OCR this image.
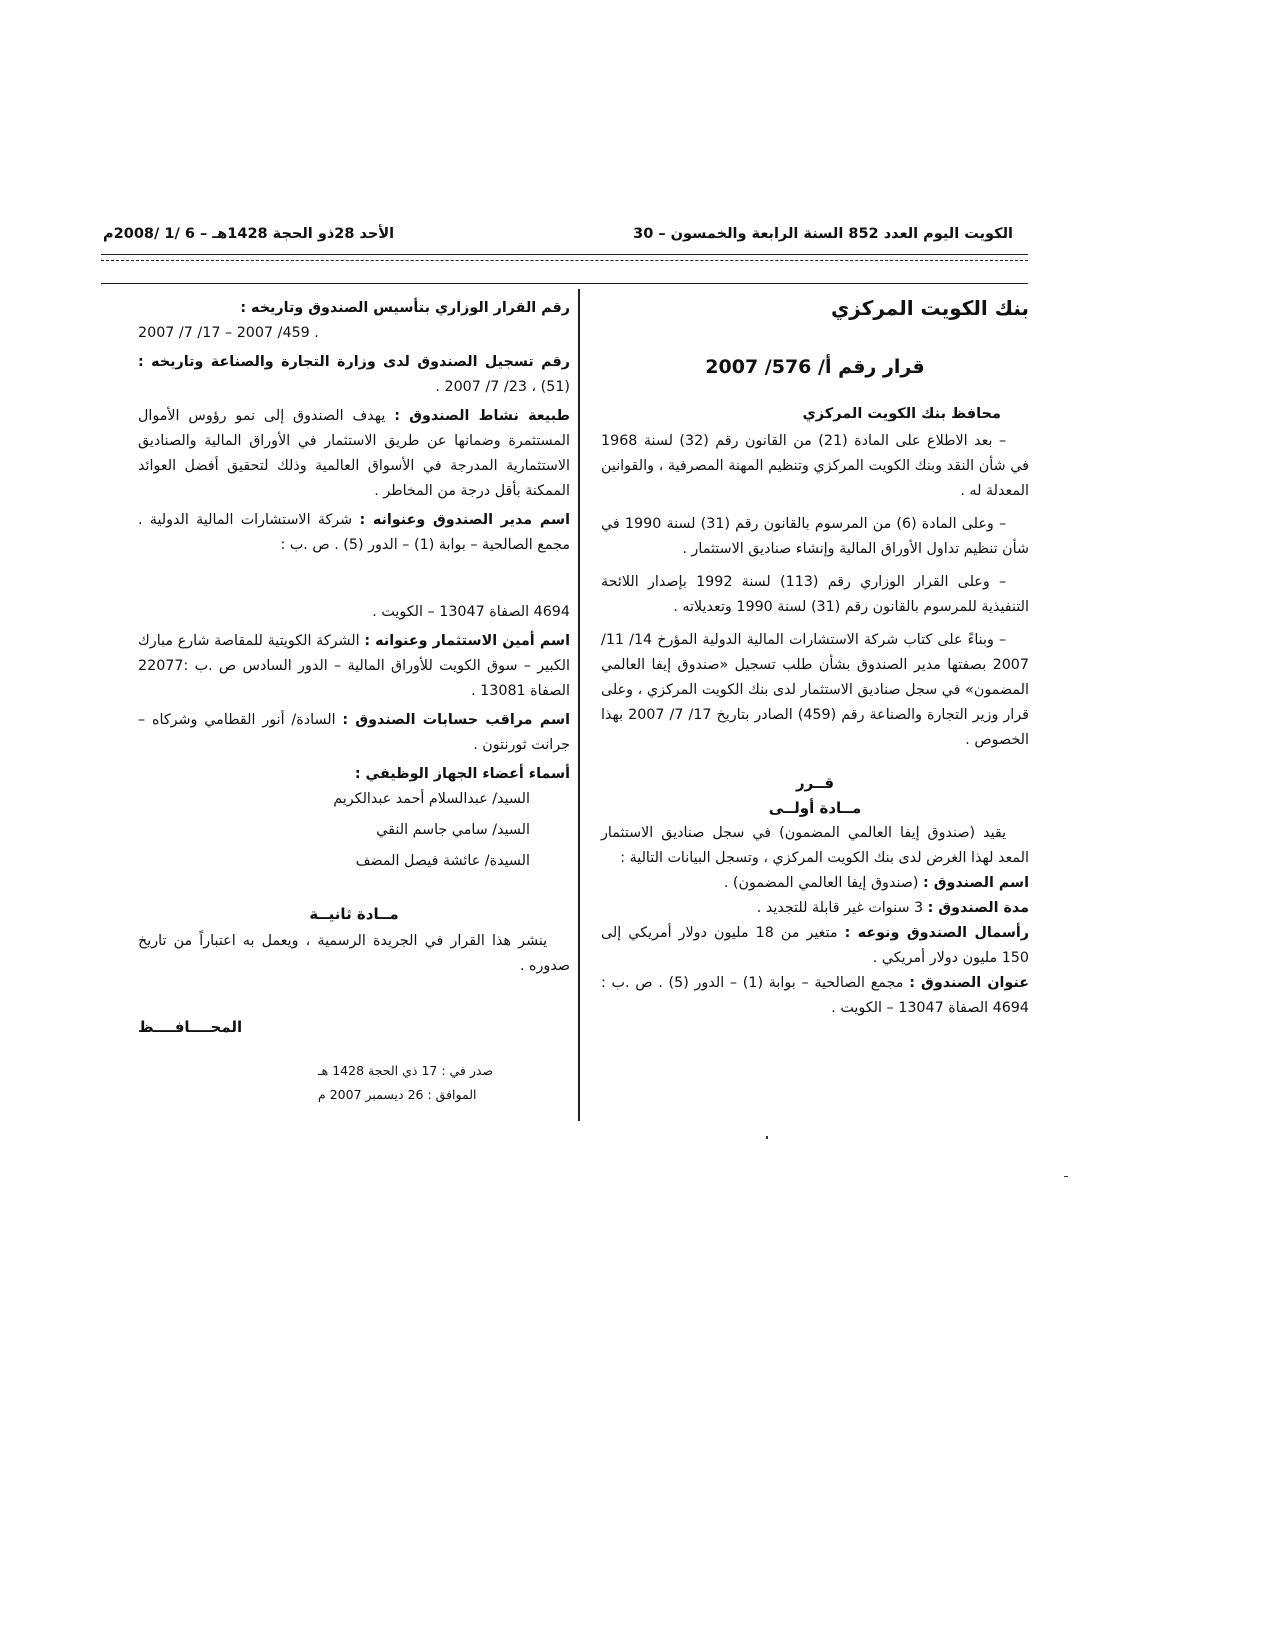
الكويت اليوم العدد 852 السنة الرابعة والخمسون – 30
الأحد 28ذو الحجة 1428هـ – 6 /1 /2008م
بنك الكويت المركزي
قرار رقم أ/ 576/ 2007
محافظ بنك الكويت المركزي

– بعد الاطلاع على المادة (21) من القانون رقم (32) لسنة 1968 في شأن النقد وبنك الكويت المركزي وتنظيم المهنة المصرفية ، والقوانين المعدلة له .

– وعلى المادة (6) من المرسوم بالقانون رقم (31) لسنة 1990 في شأن تنظيم تداول الأوراق المالية وإنشاء صناديق الاستثمار .

– وعلى القرار الوزاري رقم (113) لسنة 1992 بإصدار اللائحة التنفيذية للمرسوم بالقانون رقم (31) لسنة 1990 وتعديلاته .

– وبناءً على كتاب شركة الاستشارات المالية الدولية المؤرخ 14/ 11/ 2007 بصفتها مدير الصندوق بشأن طلب تسجيل «صندوق إيفا العالمي المضمون» في سجل صناديق الاستثمار لدى بنك الكويت المركزي ، وعلى قرار وزير التجارة والصناعة رقم (459) الصادر بتاريخ 17/ 7/ 2007 بهذا الخصوص .

قــرر
مــادة أولــى

يقيد (صندوق إيفا العالمي المضمون) في سجل صناديق الاستثمار المعد لهذا الغرض لدى بنك الكويت المركزي ، وتسجل البيانات التالية :

اسم الصندوق : (صندوق إيفا العالمي المضمون) .

مدة الصندوق : 3 سنوات غير قابلة للتجديد .

رأسمال الصندوق ونوعه : متغير من 18 مليون دولار أمريكي إلى 150 مليون دولار أمريكي .

عنوان الصندوق : مجمع الصالحية – بوابة (1) – الدور (5) . ص .ب : 4694 الصفاة 13047 – الكويت .

رقم القرار الوزاري بتأسيس الصندوق وتاريخه :
459/ 2007 – 17/ 7/ 2007 .

رقم تسجيل الصندوق لدى وزارة التجارة والصناعة وتاريخه : (51) ، 23/ 7/ 2007 .

طبيعة نشاط الصندوق : يهدف الصندوق إلى نمو رؤوس الأموال المستثمرة وضمانها عن طريق الاستثمار في الأوراق المالية والصناديق الاستثمارية المدرجة في الأسواق العالمية وذلك لتحقيق أفضل العوائد الممكنة بأقل درجة من المخاطر .

اسم مدير الصندوق وعنوانه : شركة الاستشارات المالية الدولية . مجمع الصالحية – بوابة (1) – الدور (5) . ص .ب :

4694 الصفاة 13047 – الكويت .

اسم أمين الاستثمار وعنوانه : الشركة الكويتية للمقاصة شارع مبارك الكبير – سوق الكويت للأوراق المالية – الدور السادس ص .ب :22077 الصفاة 13081 .

اسم مراقب حسابات الصندوق : السادة/ أنور القطامي وشركاه – جرانت ثورنتون .

أسماء أعضاء الجهاز الوظيفي :

السيد/ عبدالسلام أحمد عبدالكريم

السيد/ سامي جاسم النقي

السيدة/ عائشة فيصل المضف

مــادة ثانيــة

ينشر هذا القرار في الجريدة الرسمية ، ويعمل به اعتباراً من تاريخ صدوره .

المحــــافــــظ
صدر في : 17 ذي الحجة 1428 هـ
الموافق : 26 ديسمبر 2007 م
